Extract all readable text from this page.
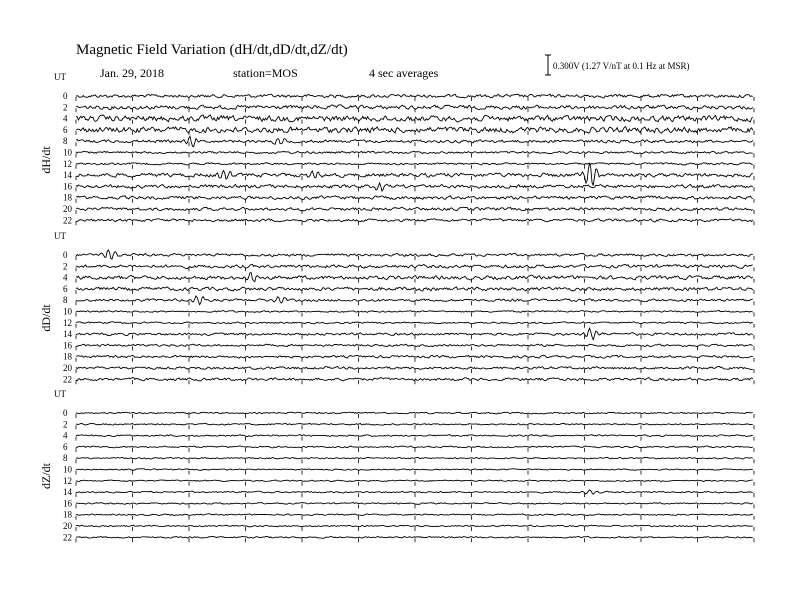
Magnetic Field Variation (dH/dt,dD/dt,dZ/dt)
Jan. 29, 2018	station=MOS	4 sec averages	0.300V (1.27 V/nT at 0.1 Hz at MSR)
UT
dH/dt
0
2
4
6
8
10
12
14
16
18
20
22
UT
dD/dt
0
2
4
6
8
10
12
14
16
18
20
22
UT
dZ/dt
0
2
4
6
8
10
12
14
16
18
20
22
